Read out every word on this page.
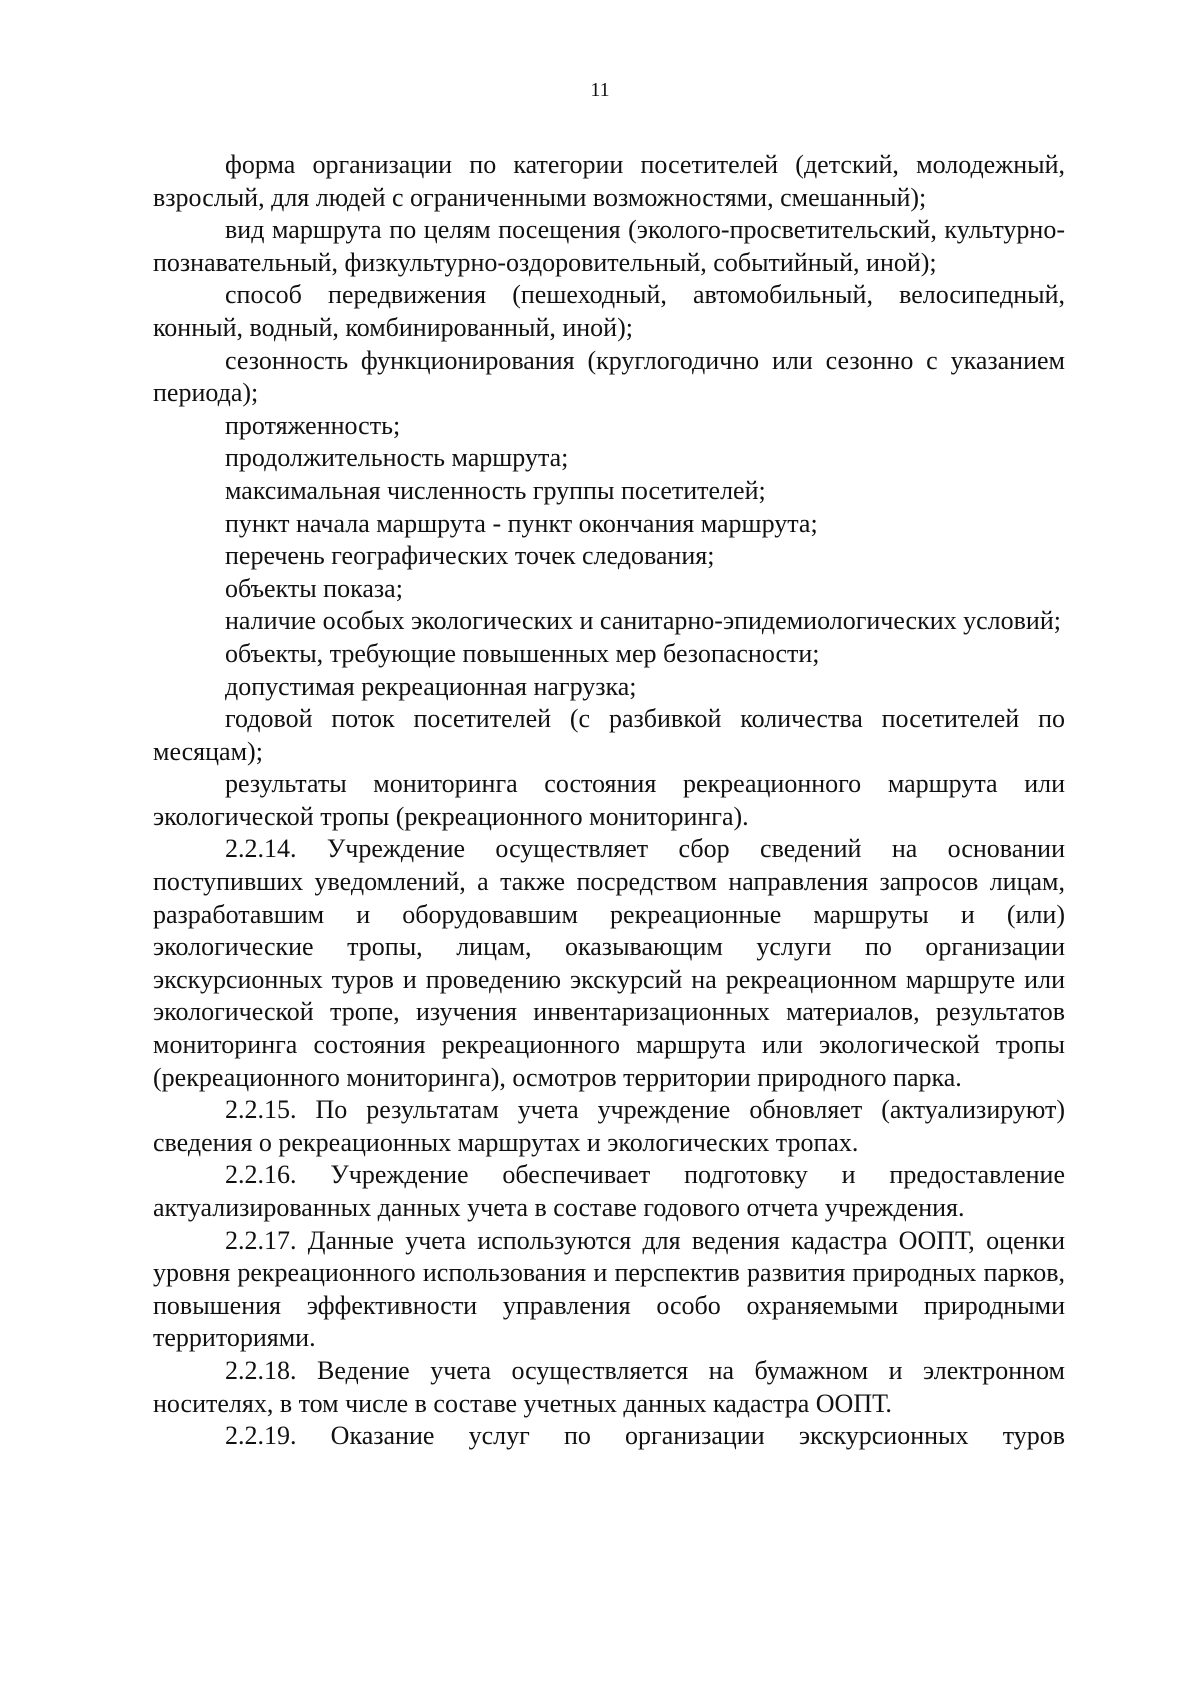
11

форма организации по категории посетителей (детский, молодежный, взрослый, для людей с ограниченными возможностями, смешанный);

вид маршрута по целям посещения (эколого-просветительский, культурно-познавательный, физкультурно-оздоровительный, событийный, иной);

способ передвижения (пешеходный, автомобильный, велосипедный, конный, водный, комбинированный, иной);

сезонность функционирования (круглогодично или сезонно с указанием периода);

протяженность;

продолжительность маршрута;

максимальная численность группы посетителей;

пункт начала маршрута - пункт окончания маршрута;

перечень географических точек следования;

объекты показа;

наличие особых экологических и санитарно-эпидемиологических условий;

объекты, требующие повышенных мер безопасности;

допустимая рекреационная нагрузка;

годовой поток посетителей (с разбивкой количества посетителей по месяцам);

результаты мониторинга состояния рекреационного маршрута или экологической тропы (рекреационного мониторинга).

2.2.14. Учреждение осуществляет сбор сведений на основании поступивших уведомлений, а также посредством направления запросов лицам, разработавшим и оборудовавшим рекреационные маршруты и (или) экологические тропы, лицам, оказывающим услуги по организации экскурсионных туров и проведению экскурсий на рекреационном маршруте или экологической тропе, изучения инвентаризационных материалов, результатов мониторинга состояния рекреационного маршрута или экологической тропы (рекреационного мониторинга), осмотров территории природного парка.

2.2.15. По результатам учета учреждение обновляет (актуализируют) сведения о рекреационных маршрутах и экологических тропах.

2.2.16. Учреждение обеспечивает подготовку и предоставление актуализированных данных учета в составе годового отчета учреждения.

2.2.17. Данные учета используются для ведения кадастра ООПТ, оценки уровня рекреационного использования и перспектив развития природных парков, повышения эффективности управления особо охраняемыми природными территориями.

2.2.18. Ведение учета осуществляется на бумажном и электронном носителях, в том числе в составе учетных данных кадастра ООПТ.

2.2.19. Оказание услуг по организации экскурсионных туров
